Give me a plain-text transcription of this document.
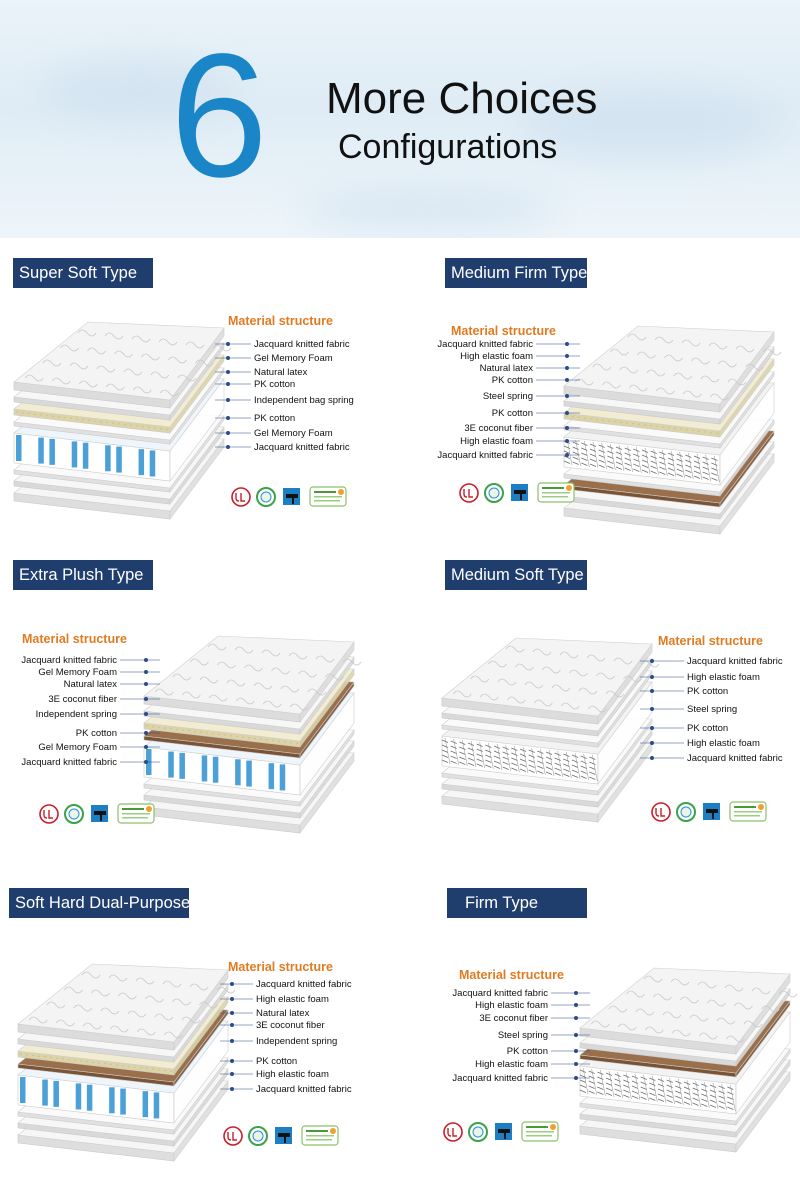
6 More Choices
Configurations
Super Soft Type
Material structure
Jacquard knitted fabric
Gel Memory Foam
Natural latex
PK cotton
Independent bag spring
PK cotton
Gel Memory Foam
Jacquard knitted fabric
Medium Firm Type
Material structure
Jacquard knitted fabric
High elastic foam
Natural latex
PK cotton
Steel spring
PK cotton
3E coconut fiber
High elastic foam
Jacquard knitted fabric
Extra Plush Type
Material structure
Jacquard knitted fabric
Gel Memory Foam
Natural latex
3E coconut fiber
Independent spring
PK cotton
Gel Memory Foam
Jacquard knitted fabric
Medium Soft Type
Material structure
Jacquard knitted fabric
High elastic foam
PK cotton
Steel spring
PK cotton
High elastic foam
Jacquard knitted fabric
Soft Hard Dual-Purpose
Material structure
Jacquard knitted fabric
High elastic foam
Natural latex
3E coconut fiber
Independent spring
PK cotton
High elastic foam
Jacquard knitted fabric
Firm Type
Material structure
Jacquard knitted fabric
High elastic foam
3E coconut fiber
Steel spring
PK cotton
High elastic foam
Jacquard knitted fabric
